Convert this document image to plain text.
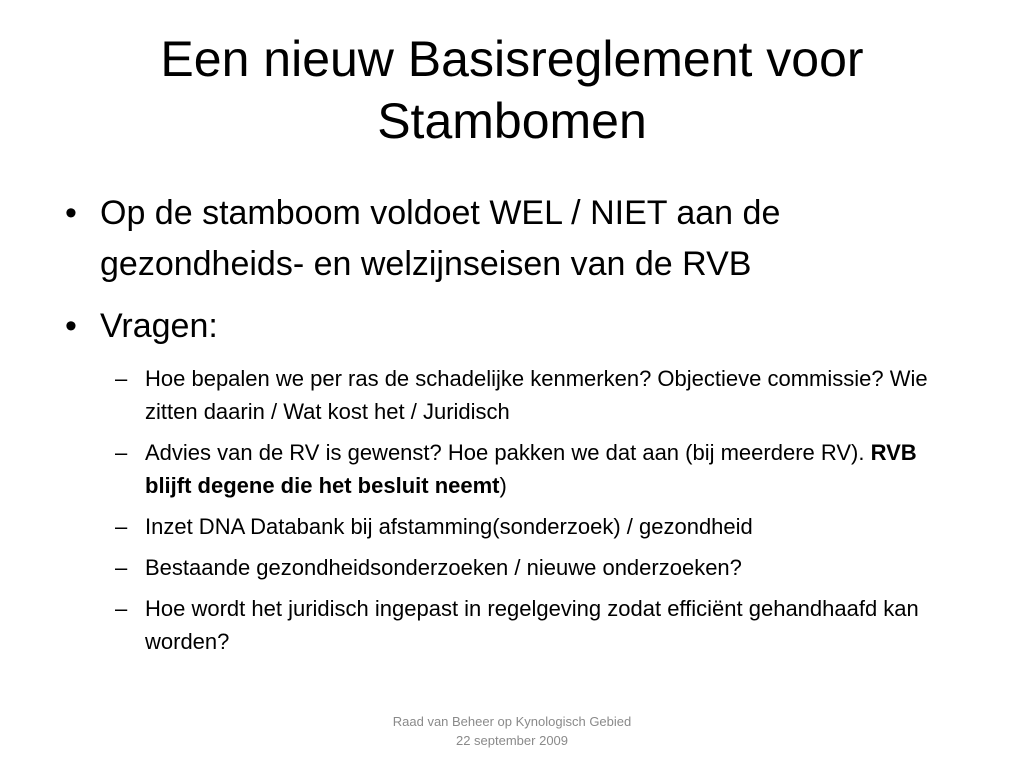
Een nieuw Basisreglement voor Stambomen
• Op de stamboom voldoet WEL / NIET aan de gezondheids- en welzijnseisen van de RVB
• Vragen:
– Hoe bepalen we per ras de schadelijke kenmerken? Objectieve commissie? Wie zitten daarin / Wat kost het / Juridisch
– Advies van de RV is gewenst? Hoe pakken we dat aan (bij meerdere RV). RVB blijft degene die het besluit neemt)
– Inzet DNA Databank bij afstamming(sonderzoek) / gezondheid
– Bestaande gezondheidsonderzoeken / nieuwe onderzoeken?
– Hoe wordt het juridisch ingepast in regelgeving zodat efficiënt gehandhaafd kan worden?
Raad van Beheer op Kynologisch Gebied
22 september 2009
